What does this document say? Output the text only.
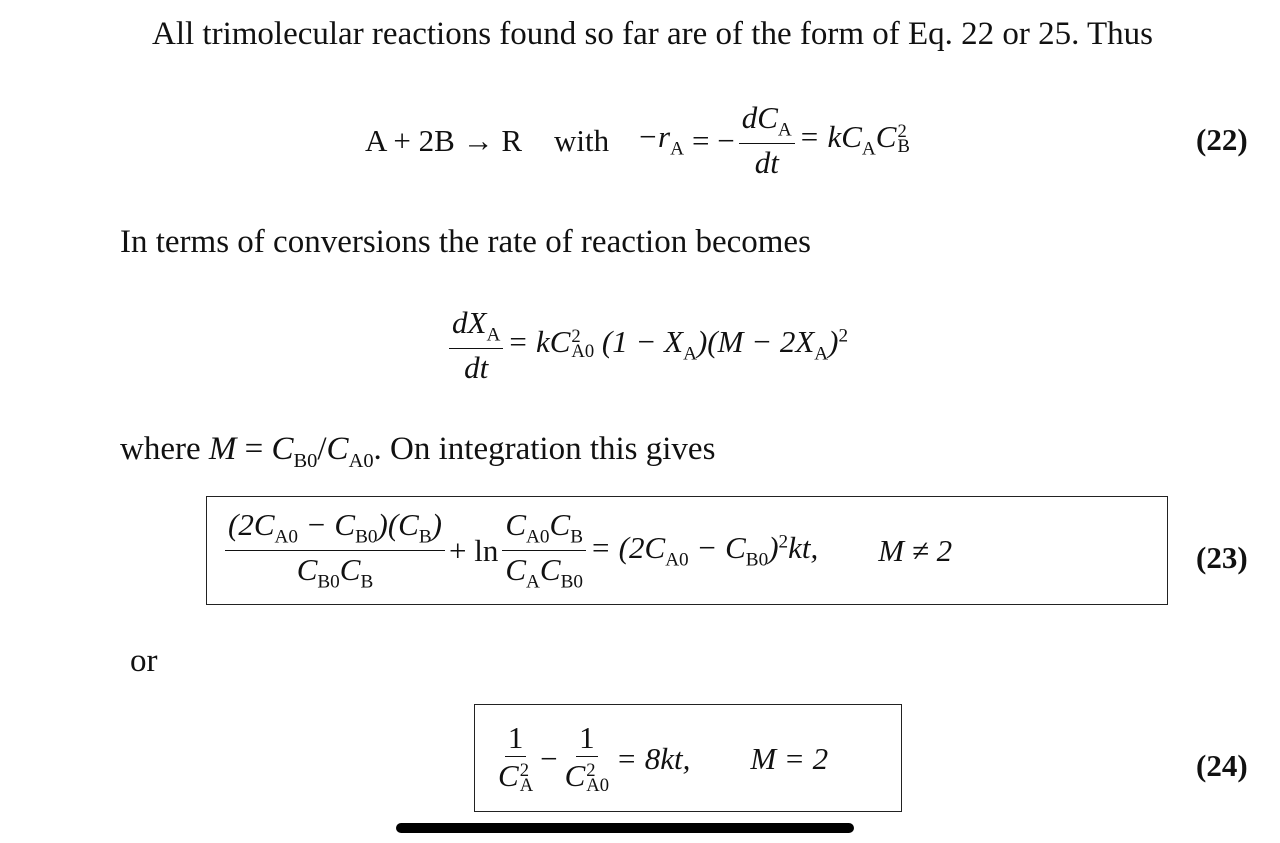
All trimolecular reactions found so far are of the form of Eq. 22 or 25. Thus
A + 2B → R with $-r_A$ = − $\frac{dC_A}{dt} = kC_AC$ 2
B	(22)
In terms of conversions the rate of reaction becomes
$\frac{dX_A}{dt}$ = kC 2
A0 $(1 - X_A)(M - 2X_A)^2$
where $M = C_{B0}/C_{A0}$. On integration this gives
$\frac{(2C_{A0} - C_{B0})(C_B)}{C_{B0}C_B} + \ln \frac{C_{A0}C_B}{C_AC_{B0}} = (2C_{A0} - C_{B0})^2kt$, M ≠ 2	(23)
or
1
C 2
A − 1
C 2
A0 = 8kt, M = 2	(24)
